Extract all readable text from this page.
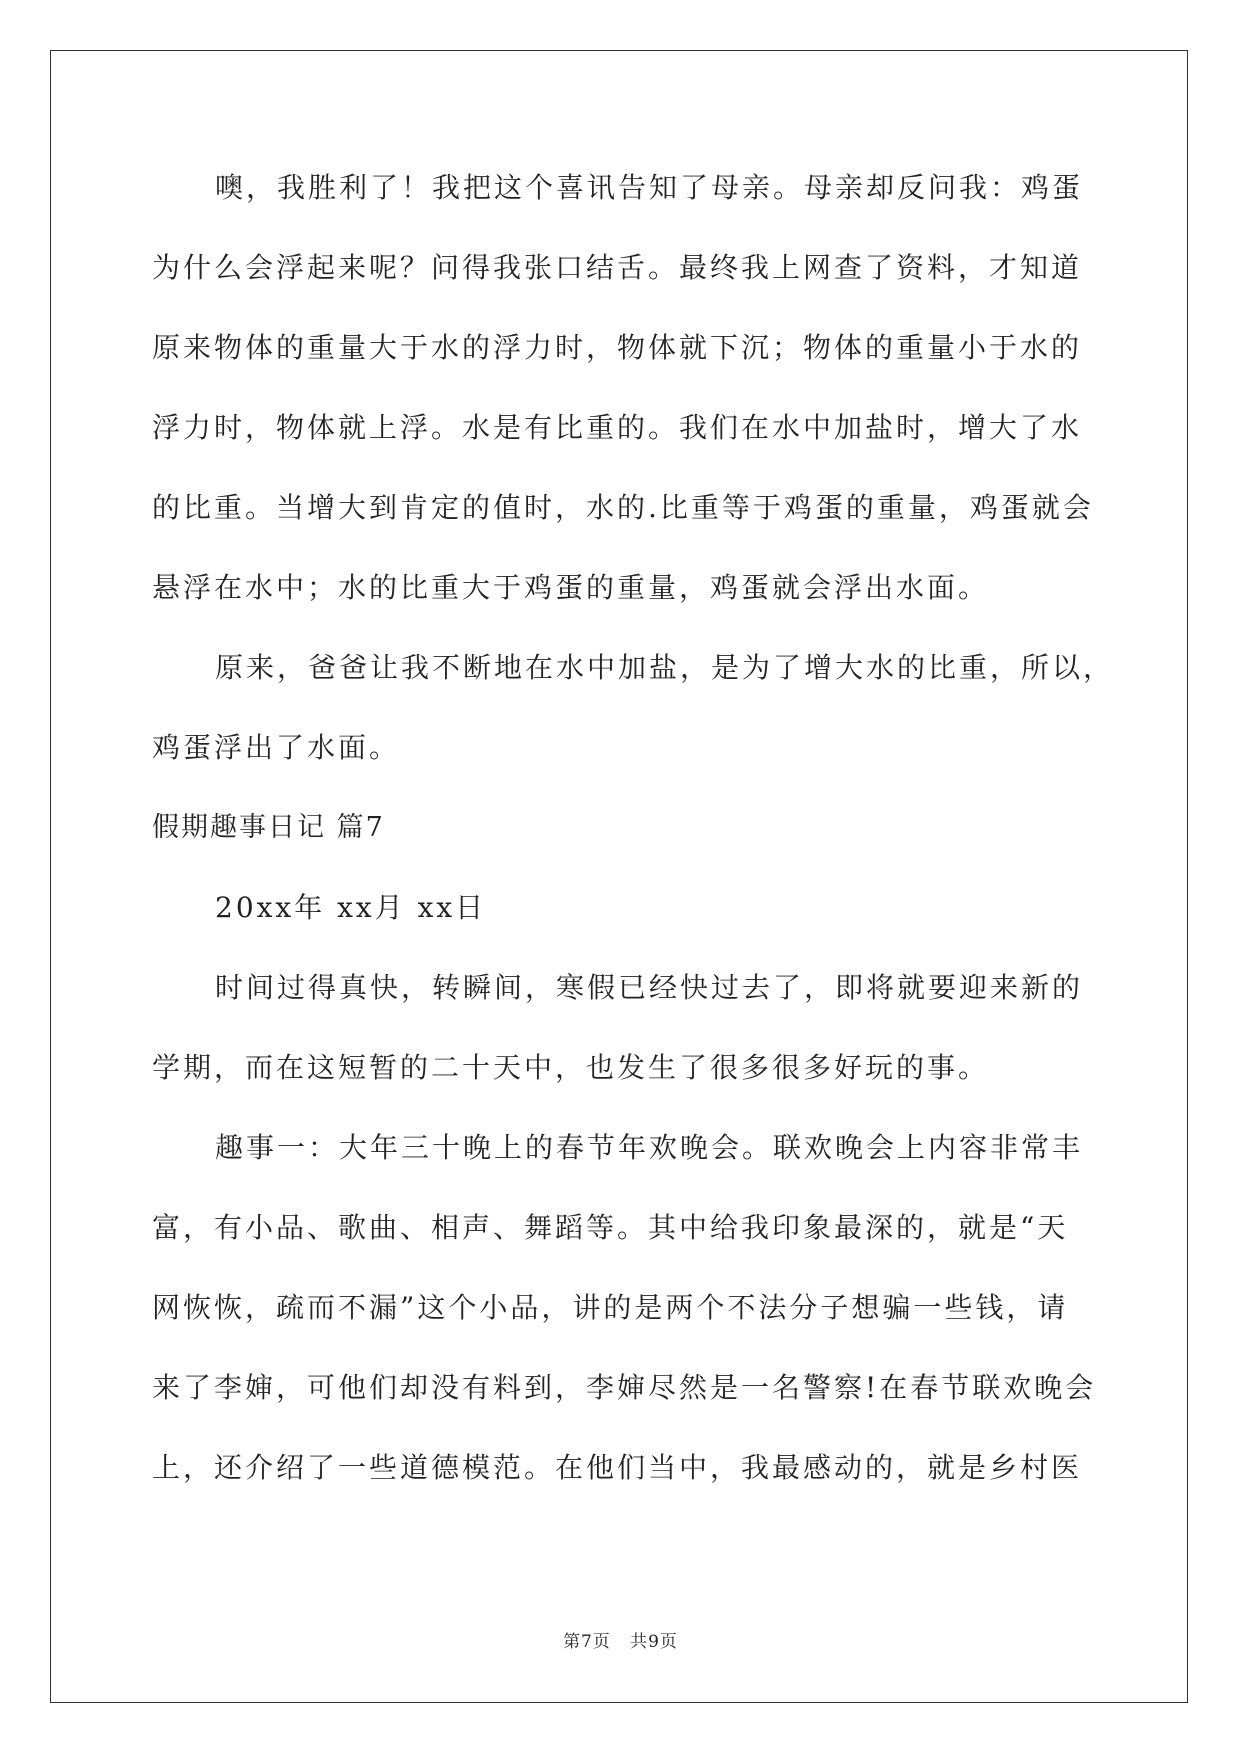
噢，我胜利了！我把这个喜讯告知了母亲。母亲却反问我：鸡蛋
为什么会浮起来呢？问得我张口结舌。最终我上网查了资料，才知道
原来物体的重量大于水的浮力时，物体就下沉；物体的重量小于水的
浮力时，物体就上浮。水是有比重的。我们在水中加盐时，增大了水
的比重。当增大到肯定的值时，水的.比重等于鸡蛋的重量，鸡蛋就会
悬浮在水中；水的比重大于鸡蛋的重量，鸡蛋就会浮出水面。
原来，爸爸让我不断地在水中加盐，是为了增大水的比重，所以，
鸡蛋浮出了水面。
假期趣事日记 篇7
20xx年 xx月 xx日
时间过得真快，转瞬间，寒假已经快过去了，即将就要迎来新的
学期，而在这短暂的二十天中，也发生了很多很多好玩的事。
趣事一：大年三十晚上的春节年欢晚会。联欢晚会上内容非常丰
富，有小品、歌曲、相声、舞蹈等。其中给我印象最深的，就是“天
网恢恢，疏而不漏”这个小品，讲的是两个不法分子想骗一些钱，请
来了李婶，可他们却没有料到，李婶尽然是一名警察!在春节联欢晚会
上，还介绍了一些道德模范。在他们当中，我最感动的，就是乡村医
第7页 共9页
